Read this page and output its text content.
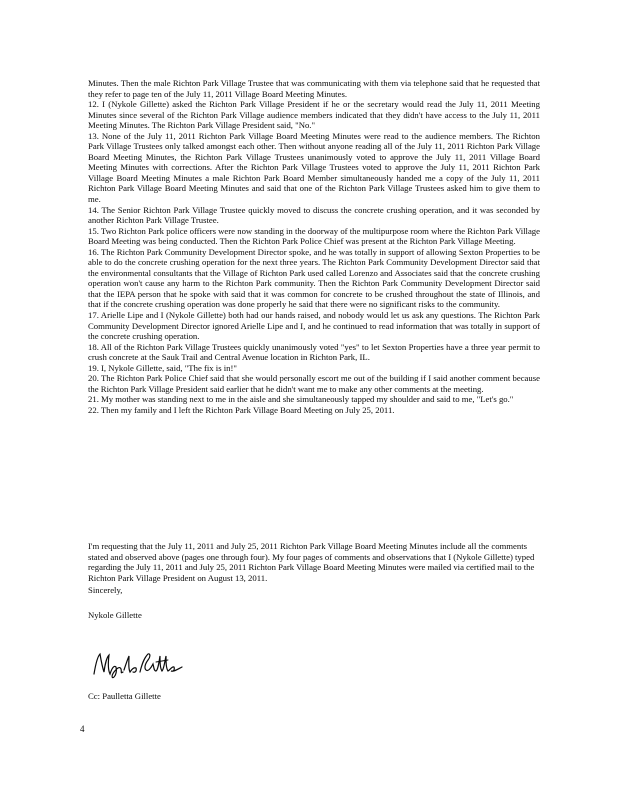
Minutes. Then the male Richton Park Village Trustee that was communicating with them via telephone said that he requested that they refer to page ten of the July 11, 2011 Village Board Meeting Minutes.

12. I (Nykole Gillette) asked the Richton Park Village President if he or the secretary would read the July 11, 2011 Meeting Minutes since several of the Richton Park Village audience members indicated that they didn't have access to the July 11, 2011 Meeting Minutes. The Richton Park Village President said, "No."

13. None of the July 11, 2011 Richton Park Village Board Meeting Minutes were read to the audience members. The Richton Park Village Trustees only talked amongst each other. Then without anyone reading all of the July 11, 2011 Richton Park Village Board Meeting Minutes, the Richton Park Village Trustees unanimously voted to approve the July 11, 2011 Village Board Meeting Minutes with corrections. After the Richton Park Village Trustees voted to approve the July 11, 2011 Richton Park Village Board Meeting Minutes a male Richton Park Board Member simultaneously handed me a copy of the July 11, 2011 Richton Park Village Board Meeting Minutes and said that one of the Richton Park Village Trustees asked him to give them to me.

14. The Senior Richton Park Village Trustee quickly moved to discuss the concrete crushing operation, and it was seconded by another Richton Park Village Trustee.

15. Two Richton Park police officers were now standing in the doorway of the multipurpose room where the Richton Park Village Board Meeting was being conducted. Then the Richton Park Police Chief was present at the Richton Park Village Meeting.

16. The Richton Park Community Development Director spoke, and he was totally in support of allowing Sexton Properties to be able to do the concrete crushing operation for the next three years. The Richton Park Community Development Director said that the environmental consultants that the Village of Richton Park used called Lorenzo and Associates said that the concrete crushing operation won't cause any harm to the Richton Park community. Then the Richton Park Community Development Director said that the IEPA person that he spoke with said that it was common for concrete to be crushed throughout the state of Illinois, and that if the concrete crushing operation was done properly he said that there were no significant risks to the community.

17. Arielle Lipe and I (Nykole Gillette) both had our hands raised, and nobody would let us ask any questions. The Richton Park Community Development Director ignored Arielle Lipe and I, and he continued to read information that was totally in support of the concrete crushing operation.

18. All of the Richton Park Village Trustees quickly unanimously voted "yes" to let Sexton Properties have a three year permit to crush concrete at the Sauk Trail and Central Avenue location in Richton Park, IL.

19. I, Nykole Gillette, said, "The fix is in!"

20. The Richton Park Police Chief said that she would personally escort me out of the building if I said another comment because the Richton Park Village President said earlier that he didn't want me to make any other comments at the meeting.

21. My mother was standing next to me in the aisle and she simultaneously tapped my shoulder and said to me, "Let's go."

22. Then my family and I left the Richton Park Village Board Meeting on July 25, 2011.

I'm requesting that the July 11, 2011 and July 25, 2011 Richton Park Village Board Meeting Minutes include all the comments stated and observed above (pages one through four). My four pages of comments and observations that I (Nykole Gillette) typed regarding the July 11, 2011 and July 25, 2011 Richton Park Village Board Meeting Minutes were mailed via certified mail to the Richton Park Village President on August 13, 2011.
Sincerely,
Nykole Gillette
Cc: Paulletta Gillette
4
